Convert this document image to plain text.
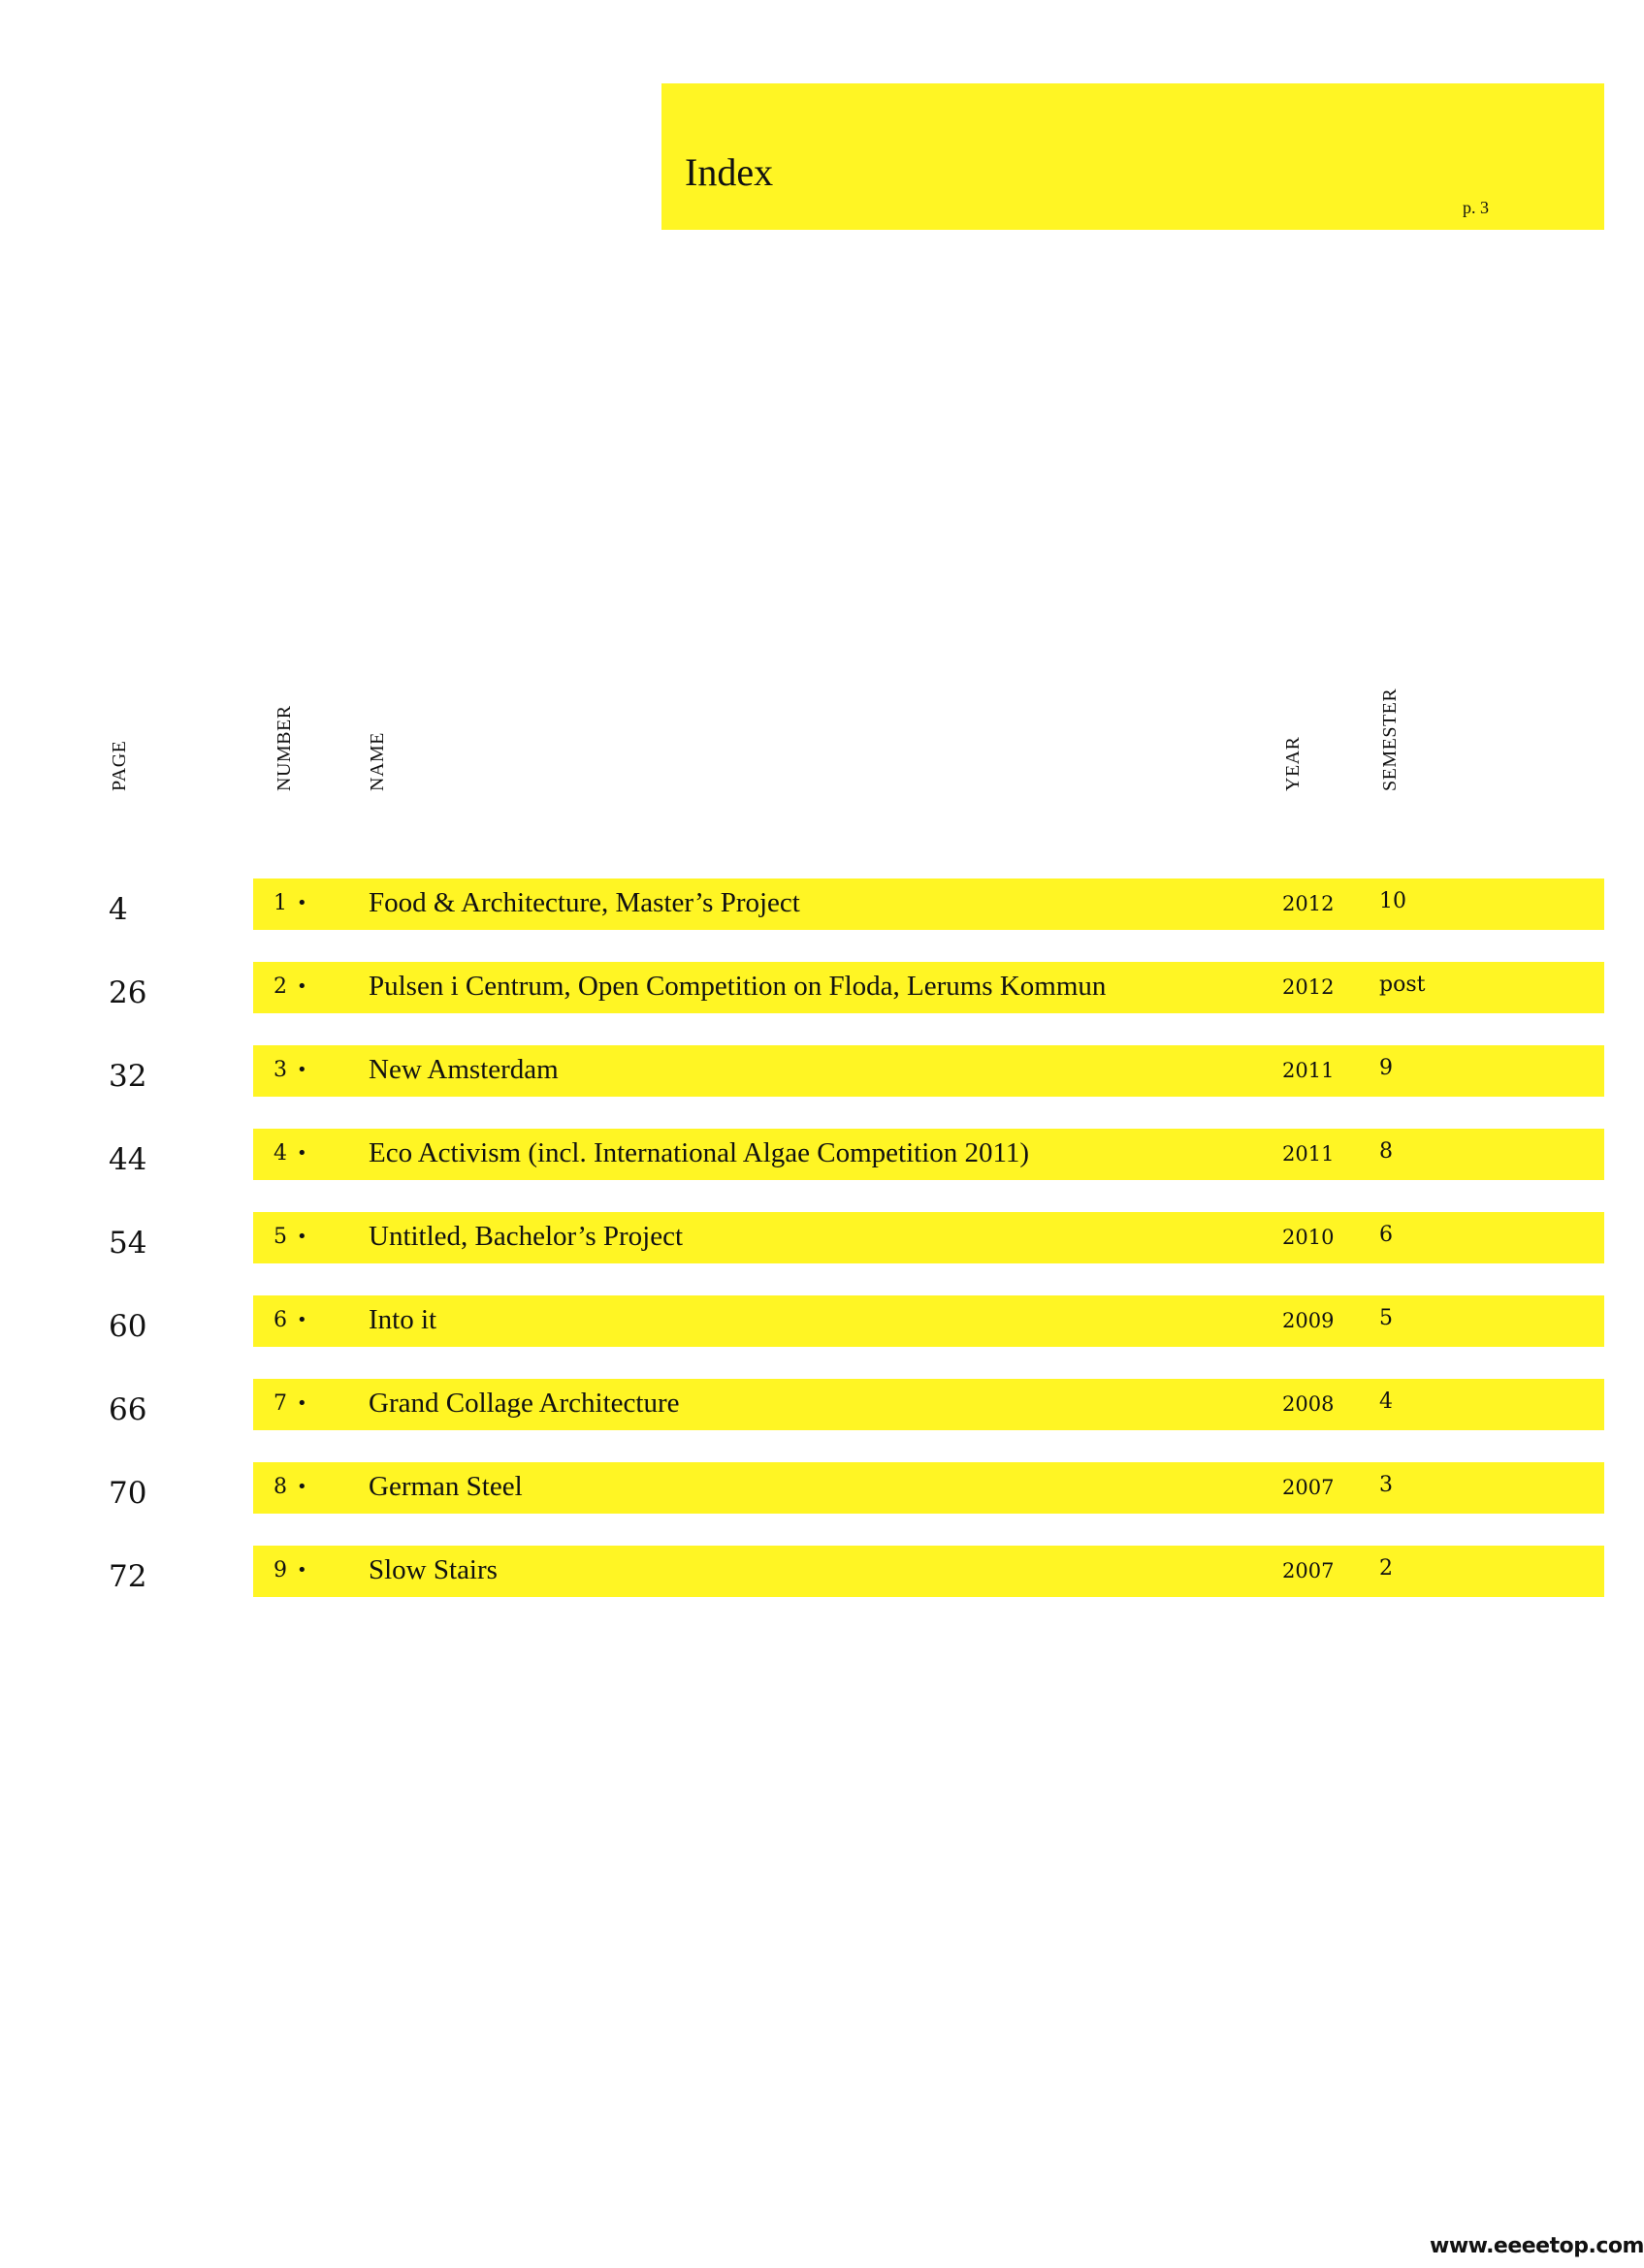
Index
p. 3
PAGE	NUMBER	NAME	YEAR	SEMESTER
4	1 • Food & Architecture, Master’s Project	2012 10
26	2 • Pulsen i Centrum, Open Competition on Floda, Lerums Kommun	2012 post
32	3 • New Amsterdam	2011 9
44	4 • Eco Activism (incl. International Algae Competition 2011)	2011 8
54	5 • Untitled, Bachelor’s Project	2010 6
60	6 • Into it	2009 5
66	7 • Grand Collage Architecture	2008 4
70	8 • German Steel	2007 3
72	9 • Slow Stairs	2007 2
www.eeeetop.com
